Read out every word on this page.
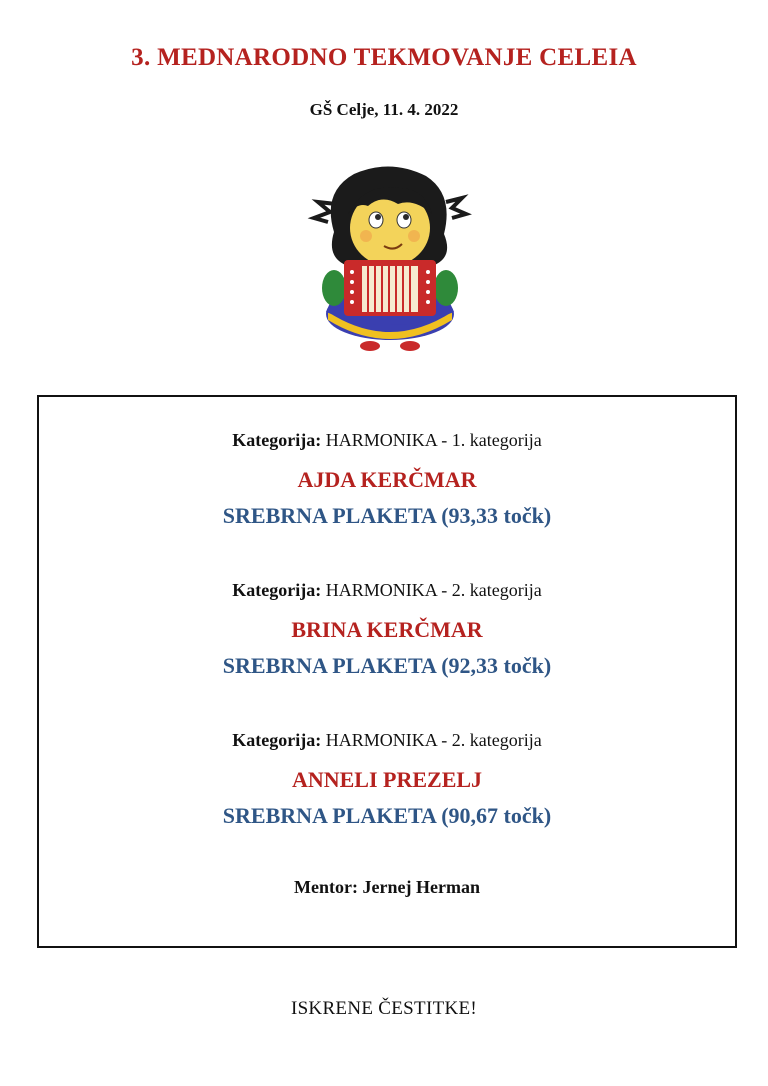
3. MEDNARODNO TEKMOVANJE CELEIA
GŠ Celje, 11. 4. 2022
Kategorija: HARMONIKA - 1. kategorija
AJDA KERČMAR
SREBRNA PLAKETA (93,33 točk)
Kategorija: HARMONIKA - 2. kategorija
BRINA KERČMAR
SREBRNA PLAKETA (92,33 točk)
Kategorija: HARMONIKA - 2. kategorija
ANNELI PREZELJ
SREBRNA PLAKETA (90,67 točk)
Mentor: Jernej Herman
ISKRENE ČESTITKE!
